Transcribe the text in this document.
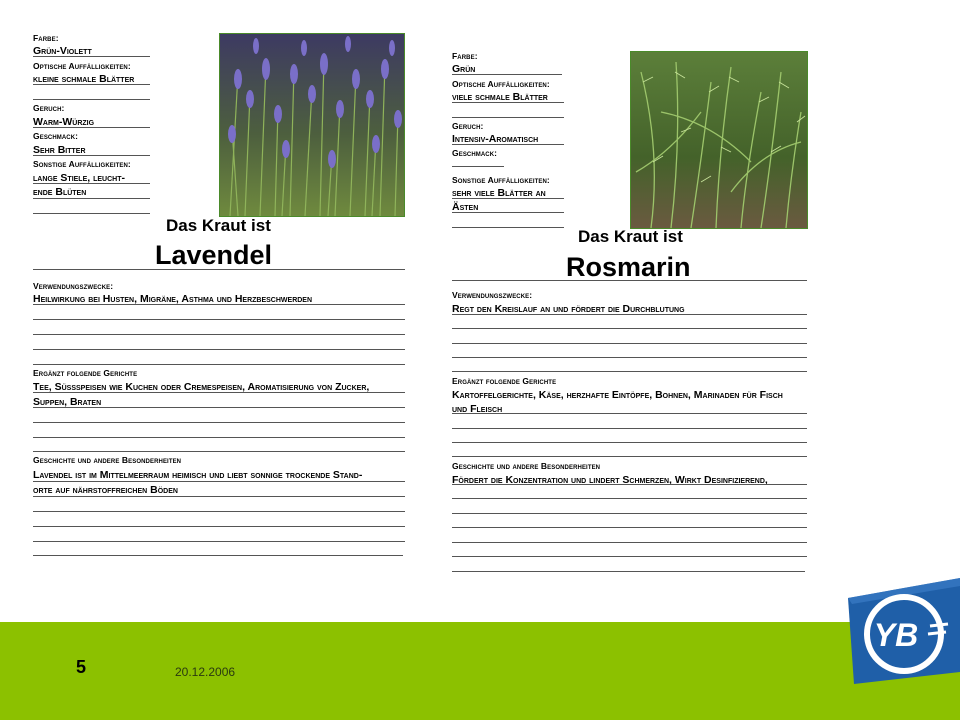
Farbe:
Grün-Violett
Optische Auffälligkeiten:
kleine schmale Blätter
Geruch:
Warm-Würzig
Geschmack:
Sehr Bitter
Sonstige Auffälligkeiten:
lange Stiele, leucht-
ende Blüten
Das Kraut ist
Lavendel
Verwendungszwecke:
Heilwirkung bei Husten, Migräne, Asthma und Herzbeschwerden
Ergänzt folgende Gerichte
Tee, Süssspeisen wie Kuchen oder Cremespeisen, Aromatisierung von Zucker,
Suppen, Braten
Geschichte und andere Besonderheiten
Lavendel ist im Mittelmeerraum heimisch und liebt sonnige trockende Stand-
orte auf nährstoffreichen Böden
Farbe:
Grün
Optische Auffälligkeiten:
viele schmale Blätter
Geruch:
Intensiv-Aromatisch
Geschmack:
Sonstige Auffälligkeiten:
sehr viele Blätter an
Ästen
Das Kraut ist
Rosmarin
Verwendungszwecke:
Regt den Kreislauf an und fördert die Durchblutung
Ergänzt folgende Gerichte
Kartoffelgerichte, Käse, herzhafte Eintöpfe, Bohnen, Marinaden für Fisch
und Fleisch
Geschichte und andere Besonderheiten
Fördert die Konzentration und lindert Schmerzen, Wirkt Desinfizierend,
5	20.12.2006
YB
